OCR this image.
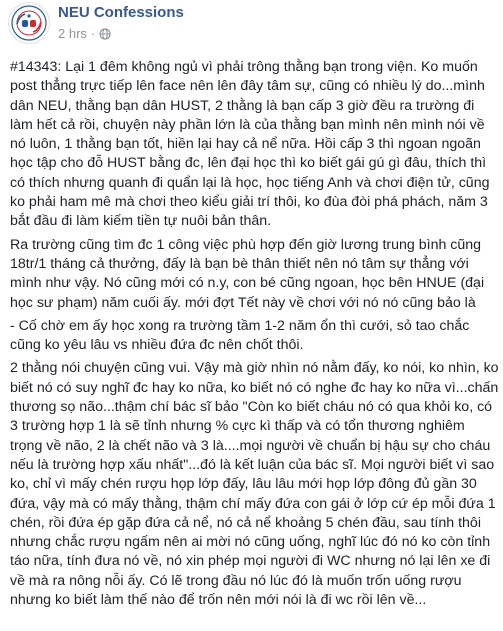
NEU Confessions
2 hrs ·

#14343: Lại 1 đêm không ngủ vì phải trông thằng bạn trong viện. Ko muốn post thẳng trực tiếp lên face nên lên đây tâm sự, cũng có nhiều lý do...mình dân NEU, thằng bạn dân HUST, 2 thằng là bạn cấp 3 giờ đều ra trường đi làm hết cả rồi, chuyện này phần lớn là của thằng bạn mình nên mình nói về nó luôn, 1 thằng bạn tốt, hiền lại hay cả nể nữa. Hồi cấp 3 thì ngoan ngoãn học tập cho đỗ HUST bằng đc, lên đại học thì ko biết gái gú gì đâu, thích thì có thích nhưng quanh đi quẩn lại là học, học tiếng Anh và chơi điện tử, cũng ko phải ham mê mà chơi theo kiểu giải trí thôi, ko đùa đòi phá phách, năm 3 bắt đầu đi làm kiếm tiền tự nuôi bản thân.

Ra trường cũng tìm đc 1 công việc phù hợp đến giờ lương trung bình cũng 18tr/1 tháng cả thưởng, đấy là bạn bè thân thiết nên nó tâm sự thẳng với mình như vậy. Nó cũng mới có n.y, con bé cũng ngoan, học bên HNUE (đại học sư phạm) năm cuối ấy. mới đợt Tết này về chơi với nó nó cũng bảo là

- Cố chờ em ấy học xong ra trường tầm 1-2 năm ổn thì cưới, sỏ tao chắc cũng ko yêu lâu vs nhiều đứa đc nên chốt thôi.

2 thằng nói chuyện cũng vui. Vậy mà giờ nhìn nó nằm đấy, ko nói, ko nhìn, ko biết nó có suy nghĩ đc hay ko nữa, ko biết nó có nghe đc hay ko nữa vì...chấn thương sọ não...thậm chí bác sĩ bảo "Còn ko biết cháu nó có qua khỏi ko, có 3 trường hợp 1 là sẽ tỉnh nhưng % cực kì thấp và có tổn thương nghiêm trọng về não, 2 là chết não và 3 là....mọi người về chuẩn bị hậu sự cho cháu nếu là trường hợp xấu nhất"...đó là kết luận của bác sĩ. Mọi người biết vì sao ko, chỉ vì mấy chén rượu họp lớp đấy, lâu lâu mới họp lớp đông đủ gần 30 đứa, vậy mà có mấy thằng, thậm chí mấy đứa con gái ở lớp cứ ép mỗi đứa 1 chén, rồi đứa ép gặp đứa cả nể, nó cả nể khoảng 5 chén đầu, sau tính thôi nhưng chắc rượu ngấm nên ai mời nó cũng uống, nghĩ lúc đó nó ko còn tỉnh táo nữa, tính đưa nó về, nó xin phép mọi người đi WC nhưng nó lại lên xe đi về mà ra nông nỗi ấy. Có lẽ trong đầu nó lúc đó là muốn trốn uống rượu nhưng ko biết làm thế nào để trốn nên mới nói là đi wc rồi lên về...
